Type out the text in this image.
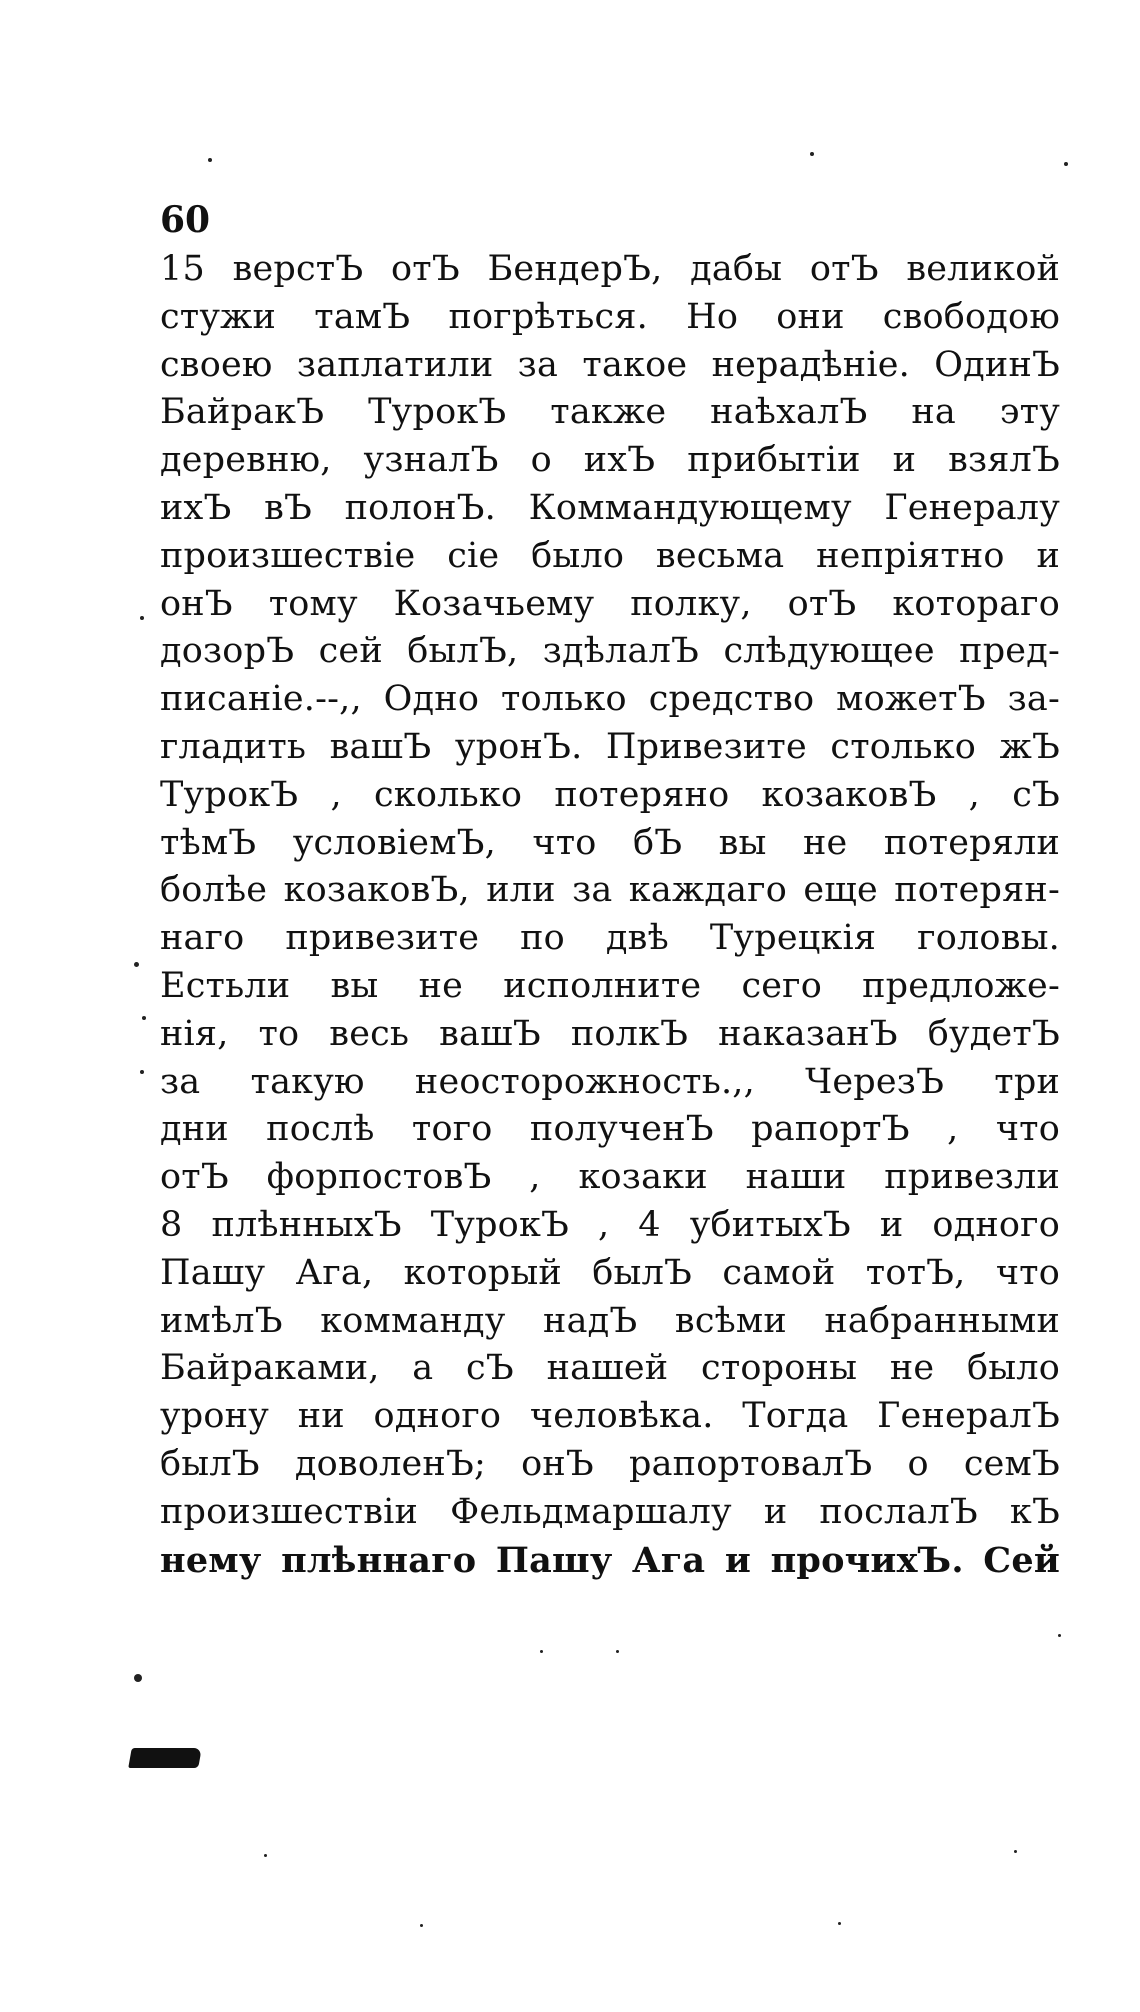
60
15 верстЪ отЪ БендерЪ, дабы отЪ великой
стужи тамЪ погрѣться. Но они свободою
своею заплатили за такое нерадѣніе. ОдинЪ
БайракЪ ТурокЪ также наѣхалЪ на эту
деревню, узналЪ о ихЪ прибытіи и взялЪ
ихЪ вЪ полонЪ. Коммандующему Генералу
произшествіе сіе было весьма непріятно и
онЪ тому Козачьему полку, отЪ котораго
дозорЪ сей былЪ, здѣлалЪ слѣдующее пред-
писаніе.--,, Одно только средство можетЪ за-
гладить вашЪ уронЪ. Привезите столько жЪ
ТурокЪ , сколько потеряно козаковЪ , сЪ
тѣмЪ условіемЪ, что бЪ вы не потеряли
болѣе козаковЪ, или за каждаго еще потерян-
наго привезите по двѣ Турецкія головы.
Естьли вы не исполните сего предложе-
нія, то весь вашЪ полкЪ наказанЪ будетЪ
за такую неосторожность.,, ЧерезЪ три
дни послѣ того полученЪ рапортЪ , что
отЪ форпостовЪ , козаки наши привезли
8 плѣнныхЪ ТурокЪ , 4 убитыхЪ и одного
Пашу Ага, который былЪ самой тотЪ, что
имѣлЪ комманду надЪ всѣми набранными
Байраками, а сЪ нашей стороны не было
урону ни одного человѣка. Тогда ГенералЪ
былЪ доволенЪ; онЪ рапортовалЪ о семЪ
произшествіи Фельдмаршалу и послалЪ кЪ
нему плѣннаго Пашу Ага и прочихЪ. Сей
